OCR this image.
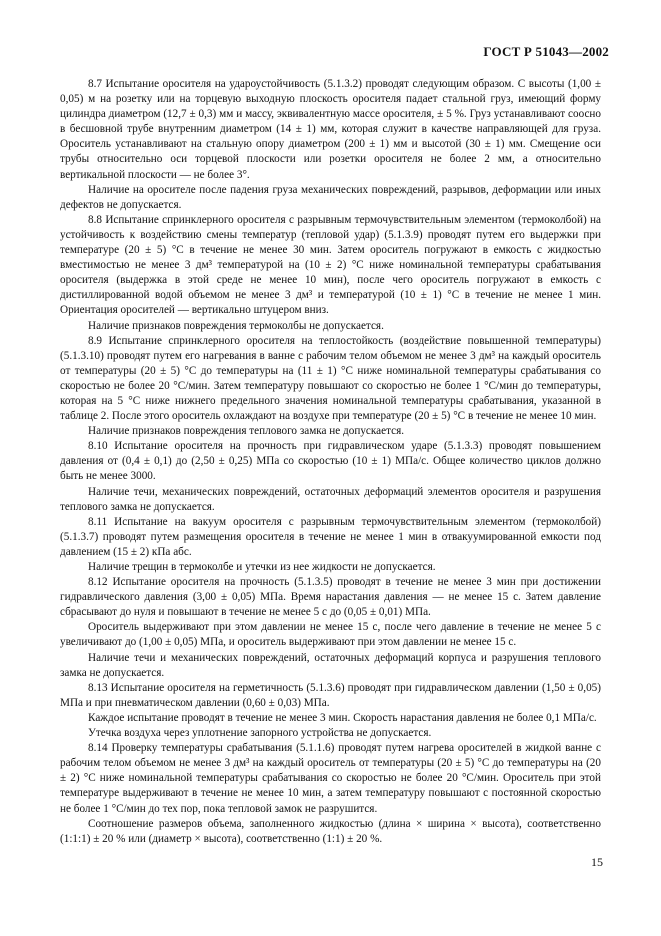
ГОСТ Р 51043—2002

8.7 Испытание оросителя на удароустойчивость (5.1.3.2) проводят следующим образом. С высоты (1,00 ± 0,05) м на розетку или на торцевую выходную плоскость оросителя падает стальной груз, имеющий форму цилиндра диаметром (12,7 ± 0,3) мм и массу, эквивалентную массе оросителя, ± 5 %. Груз устанавливают соосно в бесшовной трубе внутренним диаметром (14 ± 1) мм, которая служит в качестве направляющей для груза. Ороситель устанавливают на стальную опору диаметром (200 ± 1) мм и высотой (30 ± 1) мм. Смещение оси трубы относительно оси торцевой плоскости или розетки оросителя не более 2 мм, а относительно вертикальной плоскости — не более 3°.

Наличие на оросителе после падения груза механических повреждений, разрывов, деформации или иных дефектов не допускается.

8.8 Испытание спринклерного оросителя с разрывным термочувствительным элементом (термоколбой) на устойчивость к воздействию смены температур (тепловой удар) (5.1.3.9) проводят путем его выдержки при температуре (20 ± 5) °С в течение не менее 30 мин. Затем ороситель погружают в емкость с жидкостью вместимостью не менее 3 дм³ температурой на (10 ± 2) °С ниже номинальной температуры срабатывания оросителя (выдержка в этой среде не менее 10 мин), после чего ороситель погружают в емкость с дистиллированной водой объемом не менее 3 дм³ и температурой (10 ± 1) °С в течение не менее 1 мин. Ориентация оросителей — вертикально штуцером вниз.

Наличие признаков повреждения термоколбы не допускается.

8.9 Испытание спринклерного оросителя на теплостойкость (воздействие повышенной температуры) (5.1.3.10) проводят путем его нагревания в ванне с рабочим телом объемом не менее 3 дм³ на каждый ороситель от температуры (20 ± 5) °С до температуры на (11 ± 1) °С ниже номинальной температуры срабатывания со скоростью не более 20 °С/мин. Затем температуру повышают со скоростью не более 1 °С/мин до температуры, которая на 5 °С ниже нижнего предельного значения номинальной температуры срабатывания, указанной в таблице 2. После этого ороситель охлаждают на воздухе при температуре (20 ± 5) °С в течение не менее 10 мин.

Наличие признаков повреждения теплового замка не допускается.

8.10 Испытание оросителя на прочность при гидравлическом ударе (5.1.3.3) проводят повышением давления от (0,4 ± 0,1) до (2,50 ± 0,25) МПа со скоростью (10 ± 1) МПа/с. Общее количество циклов должно быть не менее 3000.

Наличие течи, механических повреждений, остаточных деформаций элементов оросителя и разрушения теплового замка не допускается.

8.11 Испытание на вакуум оросителя с разрывным термочувствительным элементом (термоколбой) (5.1.3.7) проводят путем размещения оросителя в течение не менее 1 мин в отвакуумированной емкости под давлением (15 ± 2) кПа абс.

Наличие трещин в термоколбе и утечки из нее жидкости не допускается.

8.12 Испытание оросителя на прочность (5.1.3.5) проводят в течение не менее 3 мин при достижении гидравлического давления (3,00 ± 0,05) МПа. Время нарастания давления — не менее 15 с. Затем давление сбрасывают до нуля и повышают в течение не менее 5 с до (0,05 ± 0,01) МПа.

Ороситель выдерживают при этом давлении не менее 15 с, после чего давление в течение не менее 5 с увеличивают до (1,00 ± 0,05) МПа, и ороситель выдерживают при этом давлении не менее 15 с.

Наличие течи и механических повреждений, остаточных деформаций корпуса и разрушения теплового замка не допускается.

8.13 Испытание оросителя на герметичность (5.1.3.6) проводят при гидравлическом давлении (1,50 ± 0,05) МПа и при пневматическом давлении (0,60 ± 0,03) МПа.

Каждое испытание проводят в течение не менее 3 мин. Скорость нарастания давления не более 0,1 МПа/с.

Утечка воздуха через уплотнение запорного устройства не допускается.

8.14 Проверку температуры срабатывания (5.1.1.6) проводят путем нагрева оросителей в жидкой ванне с рабочим телом объемом не менее 3 дм³ на каждый ороситель от температуры (20 ± 5) °С до температуры на (20 ± 2) °С ниже номинальной температуры срабатывания со скоростью не более 20 °С/мин. Ороситель при этой температуре выдерживают в течение не менее 10 мин, а затем температуру повышают с постоянной скоростью не более 1 °С/мин до тех пор, пока тепловой замок не разрушится.

Соотношение размеров объема, заполненного жидкостью (длина × ширина × высота), соответственно (1:1:1) ± 20 % или (диаметр × высота), соответственно (1:1) ± 20 %.

15
